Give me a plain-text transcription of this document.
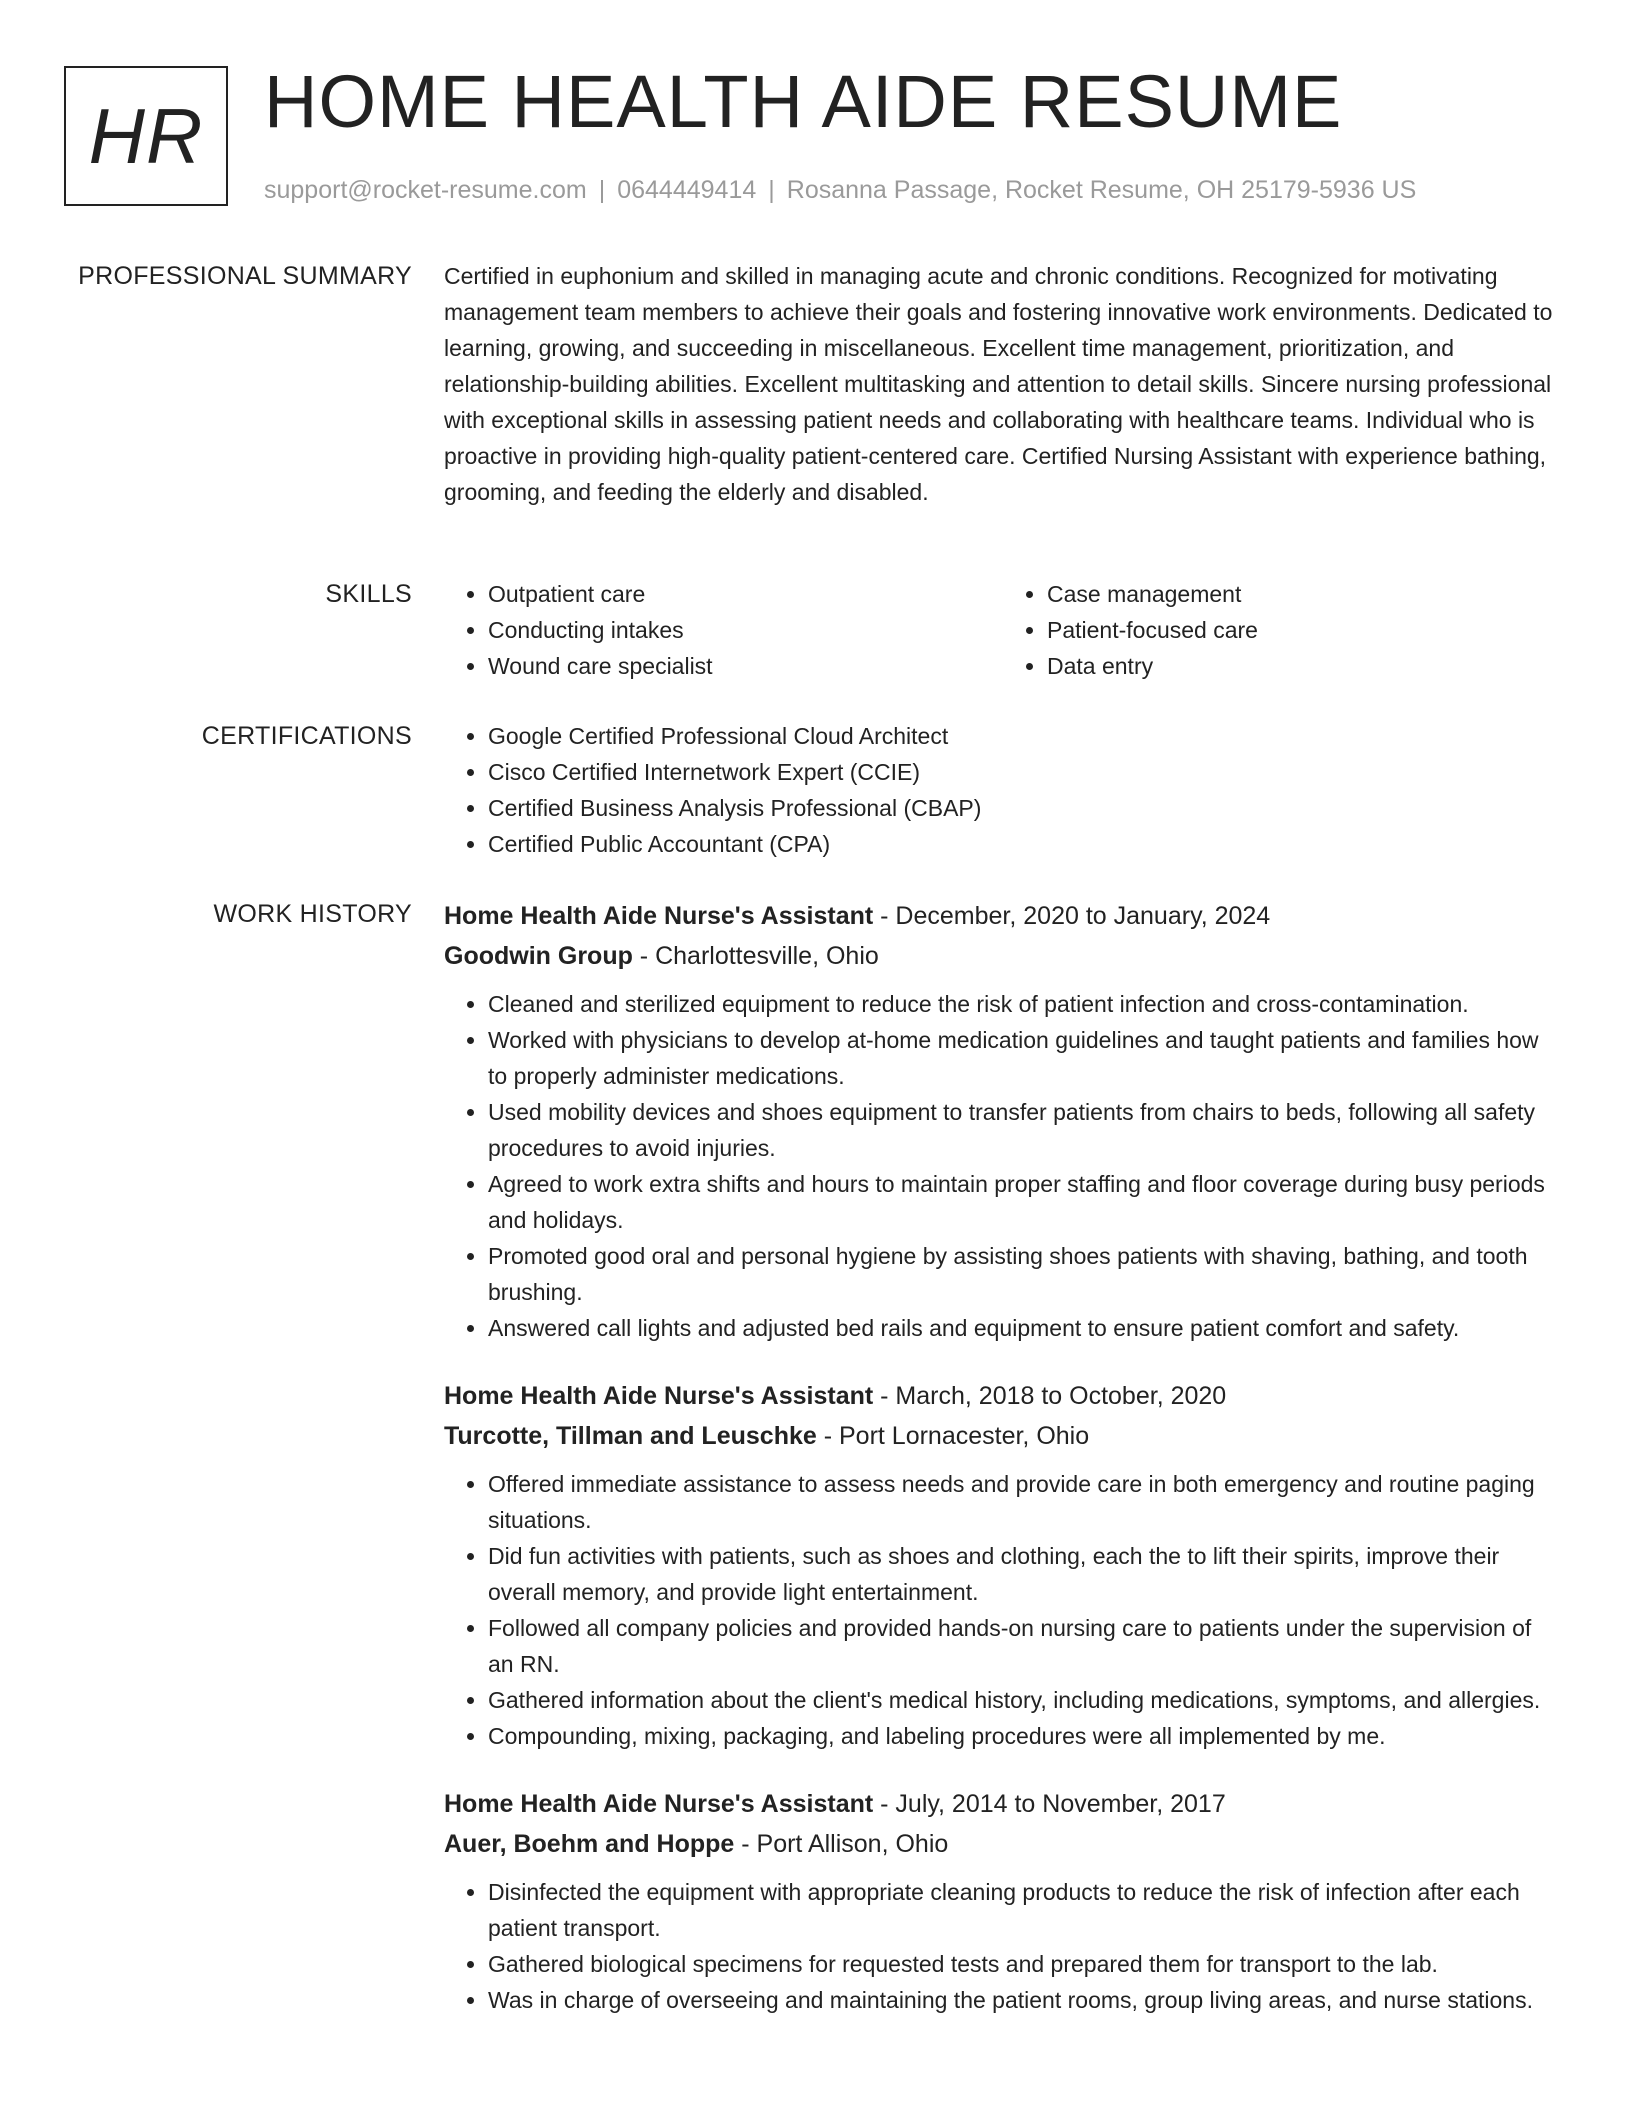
HR HOME HEALTH AIDE RESUME
support@rocket-resume.com | 0644449414 | Rosanna Passage, Rocket Resume, OH 25179-5936 US
PROFESSIONAL SUMMARY Certified in euphonium and skilled in managing acute and chronic conditions. Recognized for motivating management team members to achieve their goals and fostering innovative work environments. Dedicated to learning, growing, and succeeding in miscellaneous. Excellent time management, prioritization, and relationship-building abilities. Excellent multitasking and attention to detail skills. Sincere nursing professional with exceptional skills in assessing patient needs and collaborating with healthcare teams. Individual who is proactive in providing high-quality patient-centered care. Certified Nursing Assistant with experience bathing, grooming, and feeding the elderly and disabled.

SKILLS	• Outpatient care
• Conducting intakes
• Wound care specialist
• Case management
• Patient-focused care
• Data entry
CERTIFICATIONS	• Google Certified Professional Cloud Architect
• Cisco Certified Internetwork Expert (CCIE)
• Certified Business Analysis Professional (CBAP)
• Certified Public Accountant (CPA)
WORK HISTORY Home Health Aide Nurse's Assistant - December, 2020 to January, 2024
Goodwin Group - Charlottesville, Ohio
• Cleaned and sterilized equipment to reduce the risk of patient infection and cross-contamination.
• Worked with physicians to develop at-home medication guidelines and taught patients and families how to properly administer medications.
• Used mobility devices and shoes equipment to transfer patients from chairs to beds, following all safety procedures to avoid injuries.
• Agreed to work extra shifts and hours to maintain proper staffing and floor coverage during busy periods and holidays.
• Promoted good oral and personal hygiene by assisting shoes patients with shaving, bathing, and tooth brushing.
• Answered call lights and adjusted bed rails and equipment to ensure patient comfort and safety.
Home Health Aide Nurse's Assistant - March, 2018 to October, 2020
Turcotte, Tillman and Leuschke - Port Lornacester, Ohio
• Offered immediate assistance to assess needs and provide care in both emergency and routine paging situations.
• Did fun activities with patients, such as shoes and clothing, each the to lift their spirits, improve their overall memory, and provide light entertainment.
• Followed all company policies and provided hands-on nursing care to patients under the supervision of an RN.
• Gathered information about the client's medical history, including medications, symptoms, and allergies.
• Compounding, mixing, packaging, and labeling procedures were all implemented by me.
Home Health Aide Nurse's Assistant - July, 2014 to November, 2017
Auer, Boehm and Hoppe - Port Allison, Ohio
• Disinfected the equipment with appropriate cleaning products to reduce the risk of infection after each patient transport.
• Gathered biological specimens for requested tests and prepared them for transport to the lab.
• Was in charge of overseeing and maintaining the patient rooms, group living areas, and nurse stations.
